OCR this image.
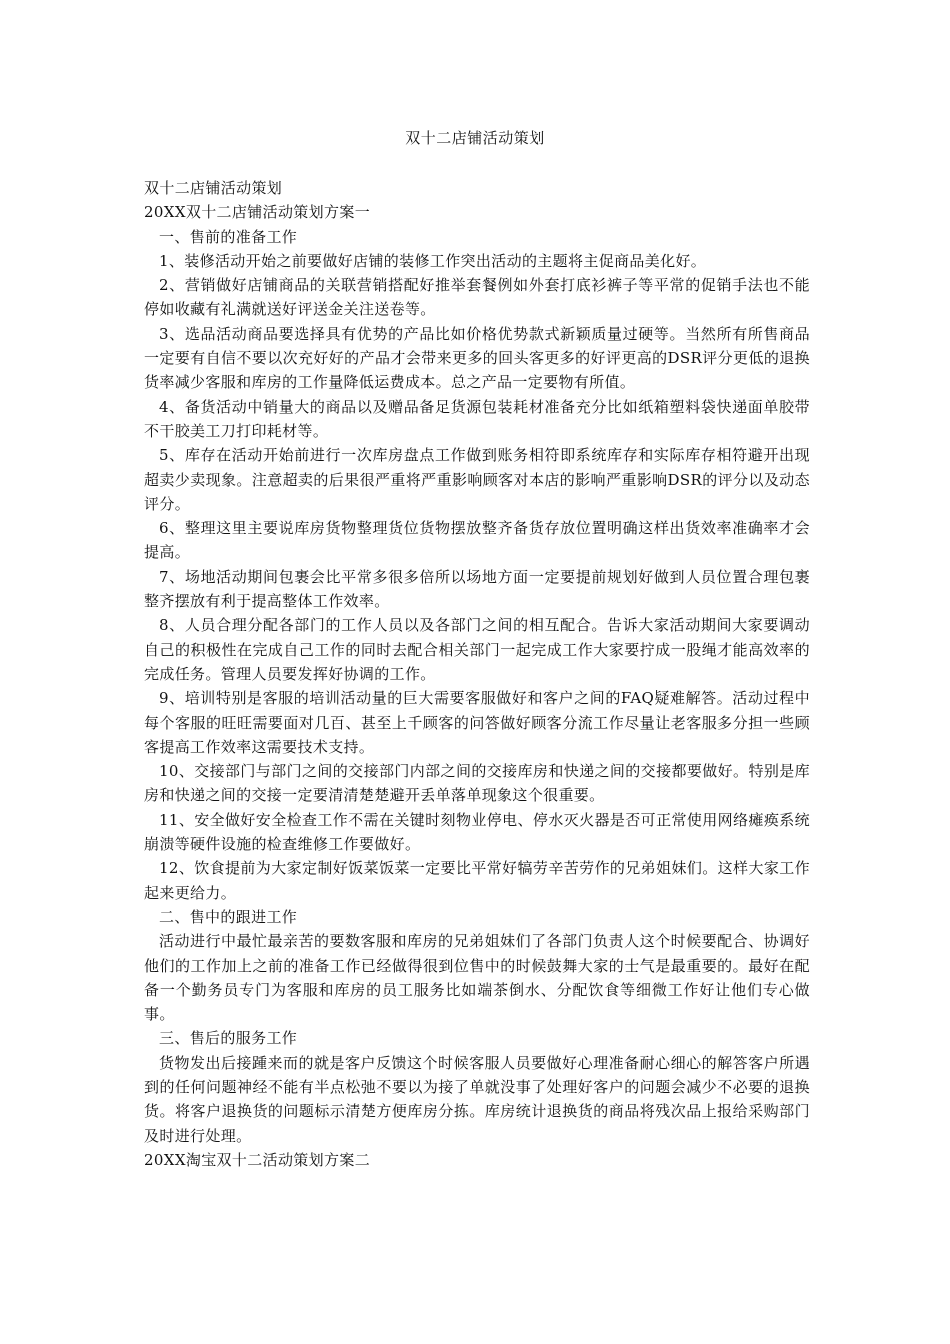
双十二店铺活动策划

双十二店铺活动策划

20XX双十二店铺活动策划方案一

一、售前的准备工作

1、装修活动开始之前要做好店铺的装修工作突出活动的主题将主促商品美化好。

2、营销做好店铺商品的关联营销搭配好推举套餐例如外套打底衫裤子等平常的促销手法也不能停如收藏有礼满就送好评送金关注送卷等。

3、选品活动商品要选择具有优势的产品比如价格优势款式新颖质量过硬等。当然所有所售商品一定要有自信不要以次充好好的产品才会带来更多的回头客更多的好评更高的DSR评分更低的退换货率减少客服和库房的工作量降低运费成本。总之产品一定要物有所值。

4、备货活动中销量大的商品以及赠品备足货源包装耗材准备充分比如纸箱塑料袋快递面单胶带不干胶美工刀打印耗材等。

5、库存在活动开始前进行一次库房盘点工作做到账务相符即系统库存和实际库存相符避开出现超卖少卖现象。注意超卖的后果很严重将严重影响顾客对本店的影响严重影响DSR的评分以及动态评分。

6、整理这里主要说库房货物整理货位货物摆放整齐备货存放位置明确这样出货效率准确率才会提高。

7、场地活动期间包裹会比平常多很多倍所以场地方面一定要提前规划好做到人员位置合理包裹整齐摆放有利于提高整体工作效率。

8、人员合理分配各部门的工作人员以及各部门之间的相互配合。告诉大家活动期间大家要调动自己的积极性在完成自己工作的同时去配合相关部门一起完成工作大家要拧成一股绳才能高效率的完成任务。管理人员要发挥好协调的工作。

9、培训特别是客服的培训活动量的巨大需要客服做好和客户之间的FAQ疑难解答。活动过程中每个客服的旺旺需要面对几百、甚至上千顾客的问答做好顾客分流工作尽量让老客服多分担一些顾客提高工作效率这需要技术支持。

10、交接部门与部门之间的交接部门内部之间的交接库房和快递之间的交接都要做好。特别是库房和快递之间的交接一定要清清楚楚避开丢单落单现象这个很重要。

11、安全做好安全检查工作不需在关键时刻物业停电、停水灭火器是否可正常使用网络瘫痪系统崩溃等硬件设施的检查维修工作要做好。

12、饮食提前为大家定制好饭菜饭菜一定要比平常好犒劳辛苦劳作的兄弟姐妹们。这样大家工作起来更给力。

二、售中的跟进工作

活动进行中最忙最亲苦的要数客服和库房的兄弟姐妹们了各部门负责人这个时候要配合、协调好他们的工作加上之前的准备工作已经做得很到位售中的时候鼓舞大家的士气是最重要的。最好在配备一个勤务员专门为客服和库房的员工服务比如端茶倒水、分配饮食等细微工作好让他们专心做事。

三、售后的服务工作

货物发出后接踵来而的就是客户反馈这个时候客服人员要做好心理准备耐心细心的解答客户所遇到的任何问题神经不能有半点松弛不要以为接了单就没事了处理好客户的问题会减少不必要的退换货。将客户退换货的问题标示清楚方便库房分拣。库房统计退换货的商品将残次品上报给采购部门及时进行处理。

20XX淘宝双十二活动策划方案二
